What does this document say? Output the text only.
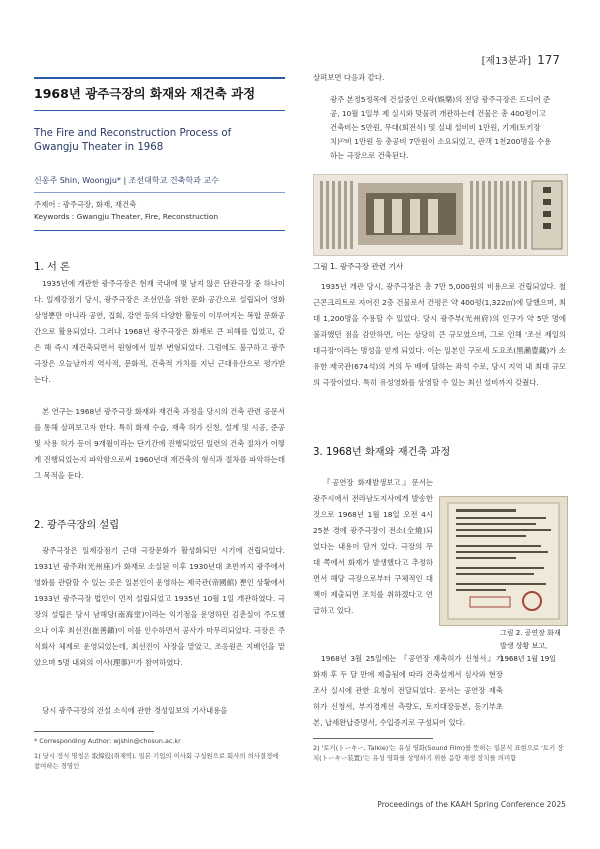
[제13분과] 177
1968년 광주극장의 화재와 재건축 과정
The Fire and Reconstruction Process of Gwangju Theater in 1968
신옹주 Shin, Woongju* | 조선대학교 건축학과 교수
주제어 : 광주극장, 화재, 재건축
Keywords : Gwangju Theater, Fire, Reconstruction
1. 서 론
1935년에 개관한 광주극장은 현재 국내에 몇 남지 않은 단관극장 중 하나이다. 일제강점기 당시, 광주극장은 조선인을 위한 문화 공간으로 설립되어 영화 상영뿐만 아니라 공연, 집회, 강연 등의 다양한 활동이 이루어지는 복합 문화공간으로 활용되었다. 그러나 1968년 광주극장은 화재로 큰 피해를 입었고, 같은 해 즉시 재건축되면서 원형에서 일부 변형되었다. 그럼에도 불구하고 광주극장은 오늘날까지 역사적, 문화적, 건축적 가치를 지닌 근대유산으로 평가받는다.
본 연구는 1968년 광주극장 화재와 재건축 과정을 당시의 건축 관련 공문서를 통해 살펴보고자 한다. 특히 화재 수습, 재축 허가 신청, 설계 및 시공, 준공 및 사용 허가 등이 9개월이라는 단기간에 진행되었던 일련의 건축 절차가 어떻게 진행되었는지 파악함으로써 1960년대 재건축의 형식과 절차를 파악하는데 그 목적을 둔다.
2. 광주극장의 설립
광주극장은 일제강점기 근대 극장문화가 활성화되던 시기에 건립되었다. 1931년 광주좌(光州座)가 화재로 소실된 이후 1930년대 초반까지 광주에서 영화를 관람할 수 있는 곳은 일본인이 운영하는 제국관(帝國館) 뿐인 상황에서 1933년 광주극장 법인이 먼저 설립되었고 1935년 10월 1일 개관하였다. 극장의 설립은 당시 남해당(南海堂)이라는 익기점을 운영하던 김춘실이 주도했으나 이후 최선진(崔善鎭)이 이를 인수하면서 공사가 마무리되었다. 극장은 주식회사 체제로 운영되었는데, 최선진이 사장을 맡았고, 조응원은 지배인을 맡았으며 5명 내외의 이사(理事)¹⁾가 참여하였다.
당시 광주극장의 건설 소식에 관한 경성일보의 기사내용을
* Corresponding Author: wjshin@chosun.ac.kr
1) 당시 정식 명칭은 取締役(취제역). 일본 기업의 이사회 구성원으로 회사의 의사결정에 참여하는 경영인
살펴보면 다음과 같다.
광주 본정5정목에 건설중인 오락(娛樂)의 전당 광주극장은 드디어 준공, 10월 1일부 제 실시와 맞물려 개관하는데 건물은 총 400평이고 건축비는 5만원, 무대(회전식) 및 실내 설비비 1만원, 기계(토키장치)²⁾비 1만원 등 총공비 7만원이 소요되었고, 관객 1천200명을 수용하는 극장으로 건축된다.
그림 1. 광주극장 관련 기사
1935년 개관 당시, 광주극장은 총 7만 5,000원의 비용으로 건립되었다. 철근콘크리트로 지어진 2층 건물로서 건평은 약 400평(1,322㎡)에 달했으며, 최대 1,200명을 수용할 수 있었다. 당시 광주부(光州府)의 인구가 약 5만 명에 불과했던 점을 감안하면, 이는 상당히 큰 규모였으며, 그로 인해 '조선 제일의 대극장'이라는 명성을 얻게 되었다. 이는 일본인 구로세 도요조(黑瀨豊藏)가 소유한 제국관(674석)의 거의 두 배에 달하는 좌석 수로, 당시 지역 내 최대 규모의 극장이었다. 특히 유성영화를 상영할 수 있는 최신 설비까지 갖췄다.
3. 1968년 화재와 재건축 과정
『공연장 화재발생보고』문서는 광주시에서 전라남도지사에게 발송한 것으로 1968년 1월 18일 오전 4시 25분 경에 광주극장이 전소(全燒)되었다는 내용이 담겨 있다. 극장의 무대 쪽에서 화재가 발생했다고 추정하면서 해당 극장으로부터 구체적인 대책이 제출되면 조치를 취하겠다고 언급하고 있다.
1968년 3월 25일에는 『공연장 재축허가 신청서』가 화재 후 두 달 만에 제출됨에 따라 건축설계서 심사와 현장조사 실시에 관한 요청이 전달되었다. 문서는 공연장 재축허가 신청서, 부지경계선 측량도, 토지대장등본, 등기부초본, 납세완납증명서, 수입증지로 구성되어 있다.
그림 2. 공연장 화재발생 상황 보고, 1968년 1월 19일
2) '토키(トーキー, Talkie)'는 유성 영화(Sound Film)를 뜻하는 일본식 표현으로 '토키 장치(トーキー装置)'는 유성 영화를 상영하기 위한 음향 재생 장치를 의미함
Proceedings of the KAAH Spring Conference 2025
